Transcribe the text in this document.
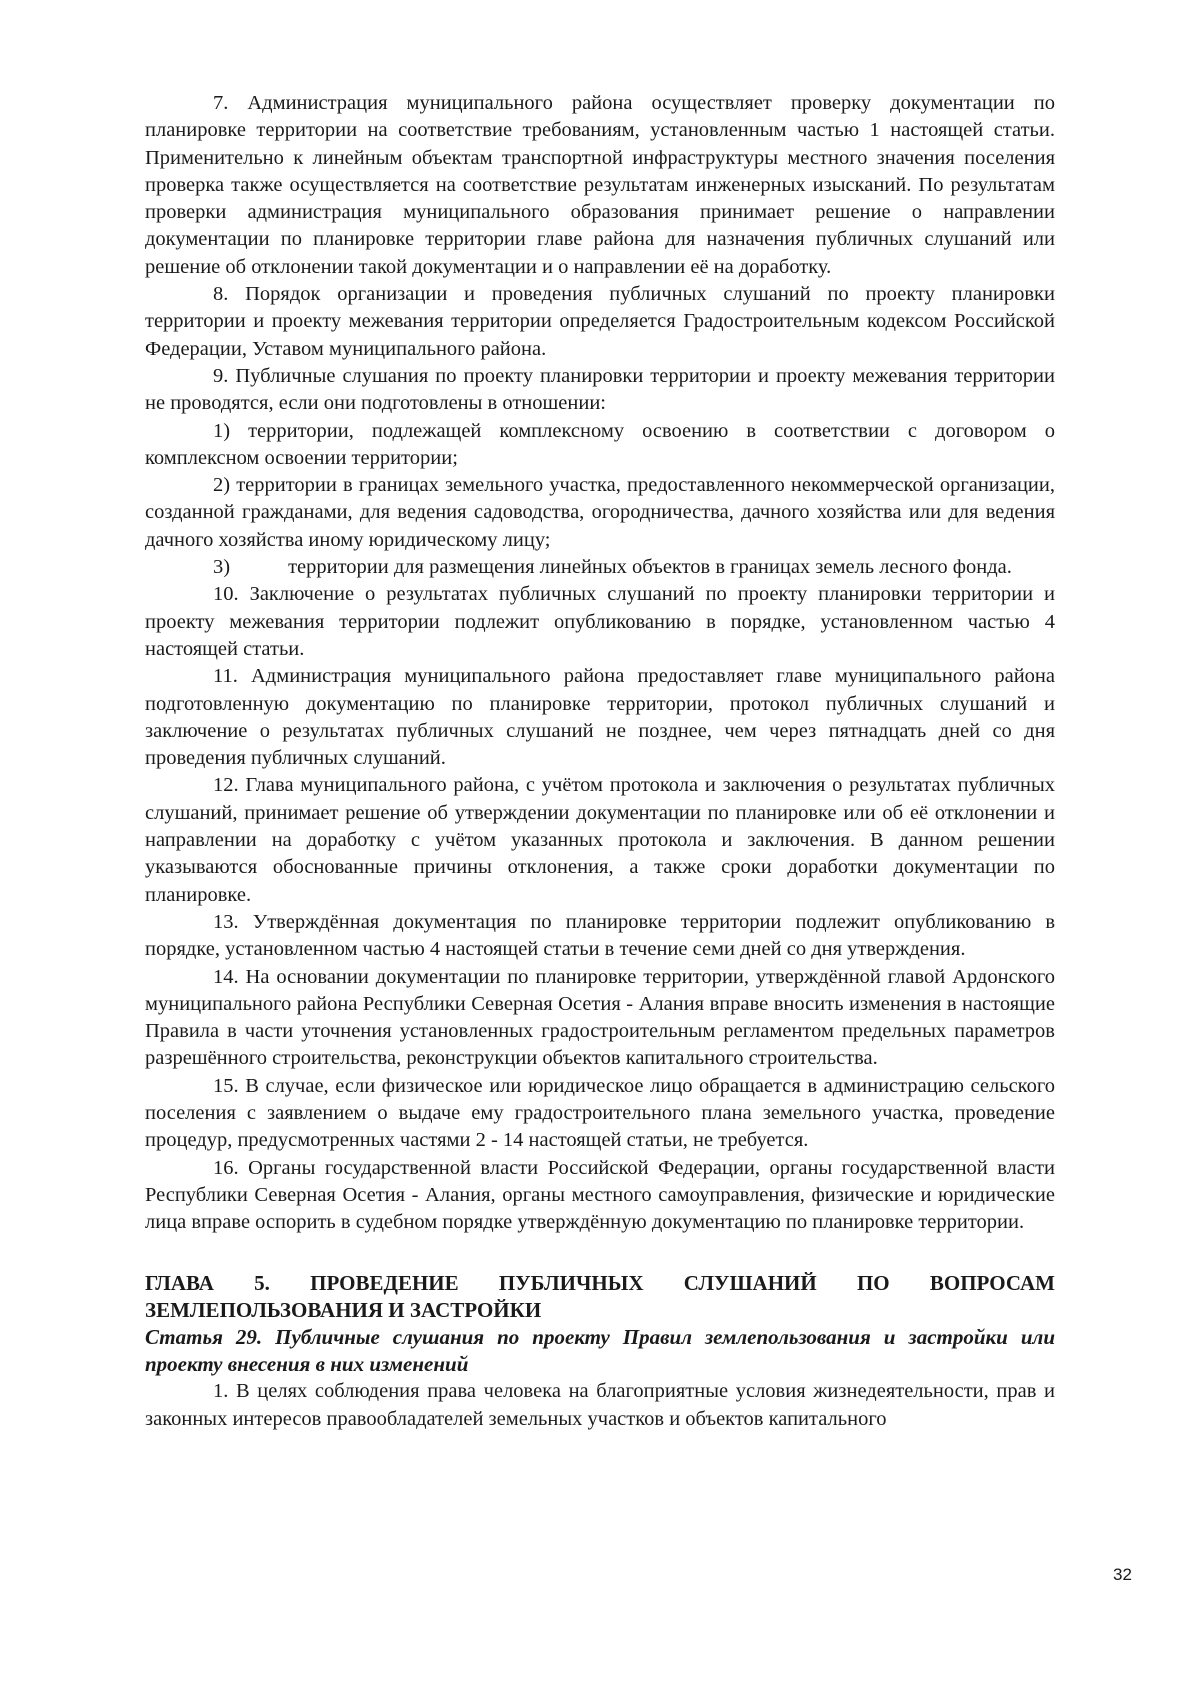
7. Администрация муниципального района осуществляет проверку документации по планировке территории на соответствие требованиям, установленным частью 1 настоящей статьи. Применительно к линейным объектам транспортной инфраструктуры местного значения поселения проверка также осуществляется на соответствие результатам инженерных изысканий. По результатам проверки администрация муниципального образования принимает решение о направлении документации по планировке территории главе района для назначения публичных слушаний или решение об отклонении такой документации и о направлении её на доработку.

8. Порядок организации и проведения публичных слушаний по проекту планировки территории и проекту межевания территории определяется Градостроительным кодексом Российской Федерации, Уставом муниципального района.

9. Публичные слушания по проекту планировки территории и проекту межевания территории не проводятся, если они подготовлены в отношении:

1) территории, подлежащей комплексному освоению в соответствии с договором о комплексном освоении территории;

2) территории в границах земельного участка, предоставленного некоммерческой организации, созданной гражданами, для ведения садоводства, огородничества, дачного хозяйства или для ведения дачного хозяйства иному юридическому лицу;

3)	территории для размещения линейных объектов в границах земель лесного фонда.

10. Заключение о результатах публичных слушаний по проекту планировки территории и проекту межевания территории подлежит опубликованию в порядке, установленном частью 4 настоящей статьи.

11. Администрация муниципального района предоставляет главе муниципального района подготовленную документацию по планировке территории, протокол публичных слушаний и заключение о результатах публичных слушаний не позднее, чем через пятнадцать дней со дня проведения публичных слушаний.

12. Глава муниципального района, с учётом протокола и заключения о результатах публичных слушаний, принимает решение об утверждении документации по планировке или об её отклонении и направлении на доработку с учётом указанных протокола и заключения. В данном решении указываются обоснованные причины отклонения, а также сроки доработки документации по планировке.

13. Утверждённая документация по планировке территории подлежит опубликованию в порядке, установленном частью 4 настоящей статьи в течение семи дней со дня утверждения.

14. На основании документации по планировке территории, утверждённой главой Ардонского муниципального района Республики Северная Осетия - Алания вправе вносить изменения в настоящие Правила в части уточнения установленных градостроительным регламентом предельных параметров разрешённого строительства, реконструкции объектов капитального строительства.

15. В случае, если физическое или юридическое лицо обращается в администрацию сельского поселения с заявлением о выдаче ему градостроительного плана земельного участка, проведение процедур, предусмотренных частями 2 - 14 настоящей статьи, не требуется.

16. Органы государственной власти Российской Федерации, органы государственной власти Республики Северная Осетия - Алания, органы местного самоуправления, физические и юридические лица вправе оспорить в судебном порядке утверждённую документацию по планировке территории.

ГЛАВА 5. ПРОВЕДЕНИЕ ПУБЛИЧНЫХ СЛУШАНИЙ ПО ВОПРОСАМ
ЗЕМЛЕПОЛЬЗОВАНИЯ И ЗАСТРОЙКИ

Статья 29. Публичные слушания по проекту Правил землепользования и застройки или проекту внесения в них изменений

1. В целях соблюдения права человека на благоприятные условия жизнедеятельности, прав и законных интересов правообладателей земельных участков и объектов капитального

32
